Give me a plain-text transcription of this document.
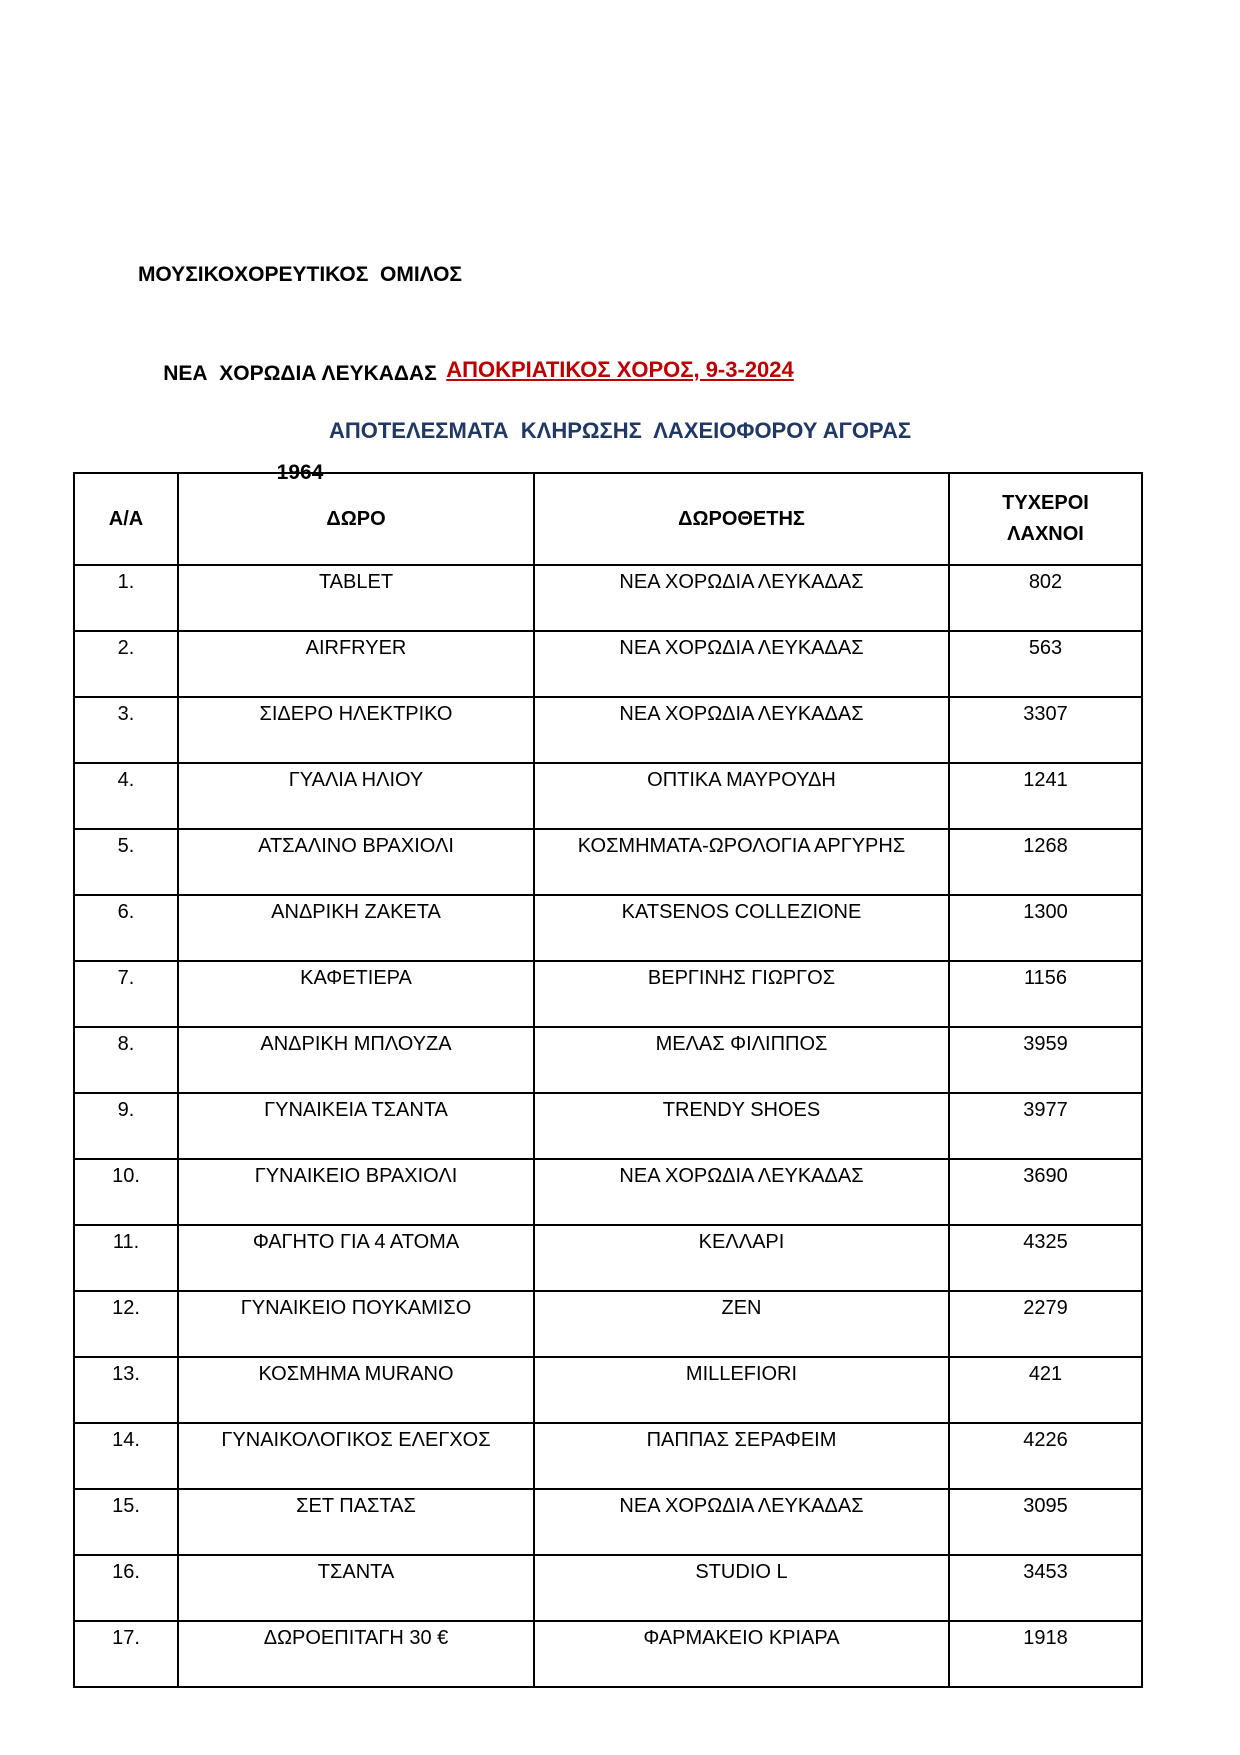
ΜΟΥΣΙΚΟΧΟΡΕΥΤΙΚΟΣ  ΟΜΙΛΟΣ

ΝΕΑ  ΧΟΡΩΔΙΑ ΛΕΥΚΑΔΑΣ

1964

ΑΠΟΚΡΙΑΤΙΚΟΣ ΧΟΡΟΣ, 9-3-2024
ΑΠΟΤΕΛΕΣΜΑΤΑ  ΚΛΗΡΩΣΗΣ  ΛΑΧΕΙΟΦΟΡΟΥ ΑΓΟΡΑΣ
Α/Α	ΔΩΡΟ	ΔΩΡΟΘΕΤΗΣ	ΤΥΧΕΡΟΙ
ΛΑΧΝΟΙ

1.	TABLET	ΝΕΑ ΧΟΡΩΔΙΑ ΛΕΥΚΑΔΑΣ	802
2.	AIRFRYER	ΝΕΑ ΧΟΡΩΔΙΑ ΛΕΥΚΑΔΑΣ	563
3.	ΣΙΔΕΡΟ ΗΛΕΚΤΡΙΚΟ	ΝΕΑ ΧΟΡΩΔΙΑ ΛΕΥΚΑΔΑΣ	3307
4.	ΓΥΑΛΙΑ ΗΛΙΟΥ	ΟΠΤΙΚΑ ΜΑΥΡΟΥΔΗ	1241
5.	ΑΤΣΑΛΙΝΟ ΒΡΑΧΙΟΛΙ	ΚΟΣΜΗΜΑΤΑ-ΩΡΟΛΟΓΙΑ ΑΡΓΥΡΗΣ	1268
6.	ΑΝΔΡΙΚΗ ΖΑΚΕΤΑ	KATSENOS COLLEZIONE	1300
7.	ΚΑΦΕΤΙΕΡΑ	ΒΕΡΓΙΝΗΣ ΓΙΩΡΓΟΣ	1156
8.	ΑΝΔΡΙΚΗ ΜΠΛΟΥΖΑ	ΜΕΛΑΣ ΦΙΛΙΠΠΟΣ	3959
9.	ΓΥΝΑΙΚΕΙΑ ΤΣΑΝΤΑ	TRENDY SHOES	3977
10.	ΓΥΝΑΙΚΕΙΟ ΒΡΑΧΙΟΛΙ	ΝΕΑ ΧΟΡΩΔΙΑ ΛΕΥΚΑΔΑΣ	3690
11.	ΦΑΓΗΤΟ ΓΙΑ 4 ΑΤΟΜΑ	ΚΕΛΛΑΡΙ	4325
12.	ΓΥΝΑΙΚΕΙΟ ΠΟΥΚΑΜΙΣΟ	ΖΕΝ	2279
13.	ΚΟΣΜΗΜΑ MURANO	MILLEFIORI	421
14.	ΓΥΝΑΙΚΟΛΟΓΙΚΟΣ ΕΛΕΓΧΟΣ	ΠΑΠΠΑΣ ΣΕΡΑΦΕΙΜ	4226
15.	ΣΕΤ ΠΑΣΤΑΣ	ΝΕΑ ΧΟΡΩΔΙΑ ΛΕΥΚΑΔΑΣ	3095
16.	ΤΣΑΝΤΑ	STUDIO L	3453
17.	ΔΩΡΟΕΠΙΤΑΓΗ 30 €	ΦΑΡΜΑΚΕΙΟ ΚΡΙΑΡΑ	1918
